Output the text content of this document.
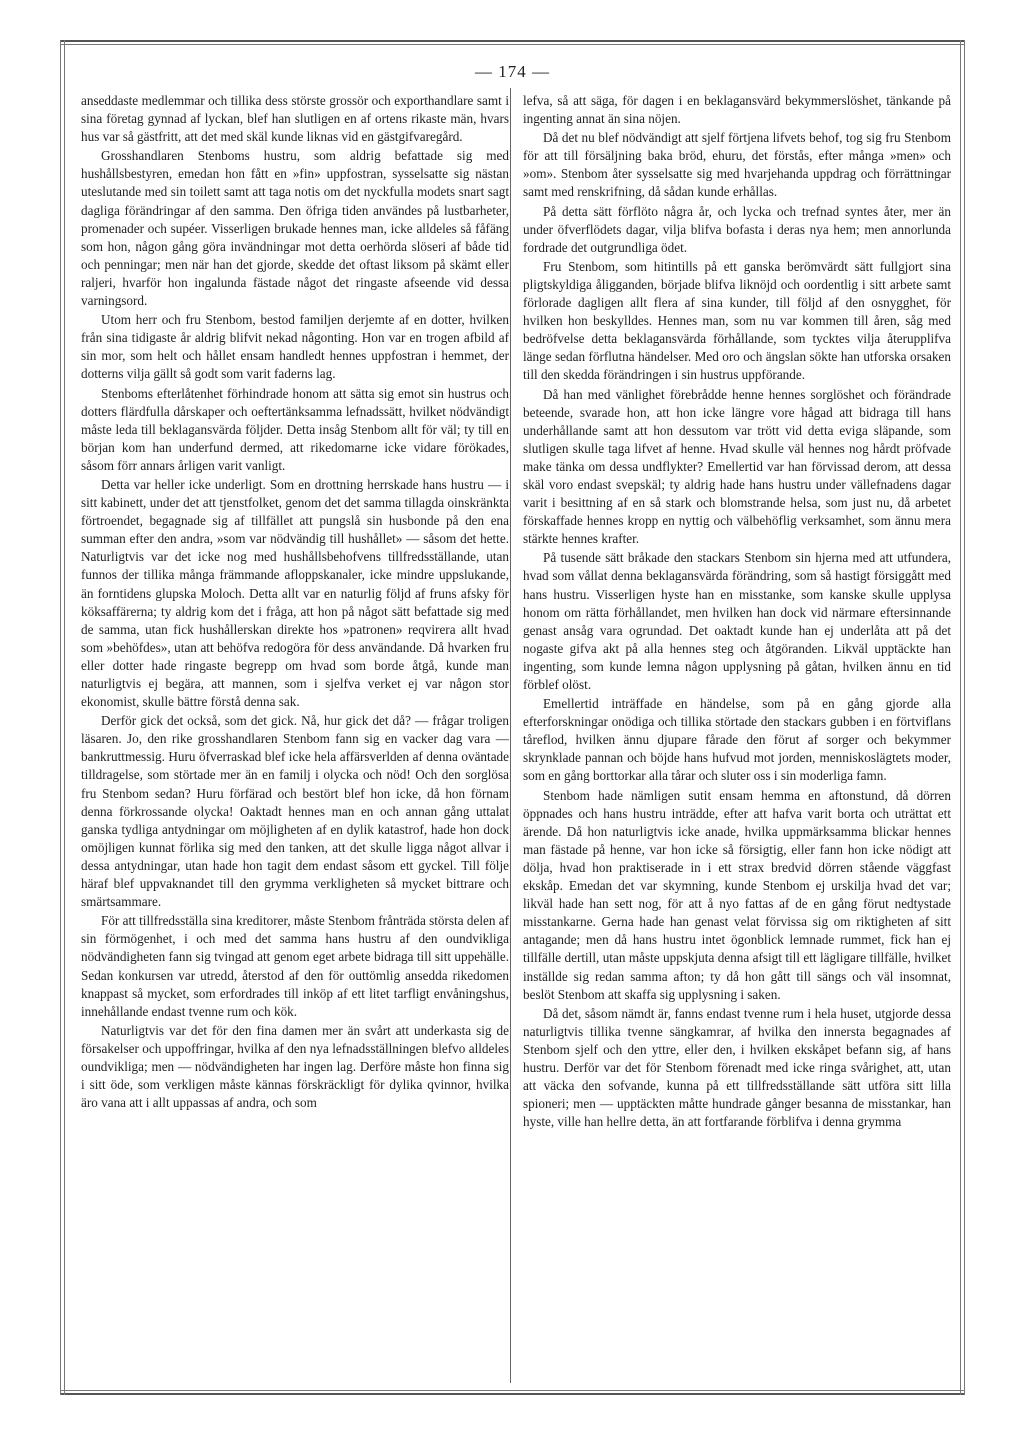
— 174 —

anseddaste medlemmar och tillika dess störste grossör och exporthandlare samt i sina företag gynnad af lyckan, blef han slutligen en af ortens rikaste män, hvars hus var så gästfritt, att det med skäl kunde liknas vid en gästgifvaregård.

Grosshandlaren Stenboms hustru, som aldrig befattade sig med hushållsbestyren, emedan hon fått en »fin» uppfostran, sysselsatte sig nästan uteslutande med sin toilett samt att taga notis om det nyckfulla modets snart sagt dagliga förändringar af den samma. Den öfriga tiden användes på lustbarheter, promenader och supéer. Visserligen brukade hennes man, icke alldeles så fåfäng som hon, någon gång göra invändningar mot detta oerhörda slöseri af både tid och penningar; men när han det gjorde, skedde det oftast liksom på skämt eller raljeri, hvarför hon ingalunda fästade något det ringaste afseende vid dessa varningsord.

Utom herr och fru Stenbom, bestod familjen derjemte af en dotter, hvilken från sina tidigaste år aldrig blifvit nekad någonting. Hon var en trogen afbild af sin mor, som helt och hållet ensam handledt hennes uppfostran i hemmet, der dotterns vilja gällt så godt som varit faderns lag.

Stenboms efterlåtenhet förhindrade honom att sätta sig emot sin hustrus och dotters flärdfulla dårskaper och oeftertänksamma lefnadssätt, hvilket nödvändigt måste leda till beklagansvärda följder. Detta insåg Stenbom allt för väl; ty till en början kom han underfund dermed, att rikedomarne icke vidare förökades, såsom förr annars årligen varit vanligt.

Detta var heller icke underligt. Som en drottning herrskade hans hustru — i sitt kabinett, under det att tjenstfolket, genom det det samma tillagda oinskränkta förtroendet, begagnade sig af tillfället att pungslå sin husbonde på den ena summan efter den andra, »som var nödvändig till hushållet» — såsom det hette. Naturligtvis var det icke nog med hushållsbehofvens tillfredsställande, utan funnos der tillika många främmande afloppskanaler, icke mindre uppslukande, än forntidens glupska Moloch. Detta allt var en naturlig följd af fruns afsky för köksaffärerna; ty aldrig kom det i fråga, att hon på något sätt befattade sig med de samma, utan fick hushållerskan direkte hos »patronen» reqvirera allt hvad som »behöfdes», utan att behöfva redogöra för dess användande. Då hvarken fru eller dotter hade ringaste begrepp om hvad som borde åtgå, kunde man naturligtvis ej begära, att mannen, som i sjelfva verket ej var någon stor ekonomist, skulle bättre förstå denna sak.

Derför gick det också, som det gick. Nå, hur gick det då? — frågar troligen läsaren. Jo, den rike grosshandlaren Stenbom fann sig en vacker dag vara — bankruttmessig. Huru öfverraskad blef icke hela affärsverlden af denna oväntade tilldragelse, som störtade mer än en familj i olycka och nöd! Och den sorglösa fru Stenbom sedan? Huru förfärad och bestört blef hon icke, då hon förnam denna förkrossande olycka! Oaktadt hennes man en och annan gång uttalat ganska tydliga antydningar om möjligheten af en dylik katastrof, hade hon dock omöjligen kunnat förlika sig med den tanken, att det skulle ligga något allvar i dessa antydningar, utan hade hon tagit dem endast såsom ett gyckel. Till följe häraf blef uppvaknandet till den grymma verkligheten så mycket bittrare och smärtsammare.

För att tillfredsställa sina kreditorer, måste Stenbom frånträda största delen af sin förmögenhet, i och med det samma hans hustru af den oundvikliga nödvändigheten fann sig tvingad att genom eget arbete bidraga till sitt uppehälle. Sedan konkursen var utredd, återstod af den för outtömlig ansedda rikedomen knappast så mycket, som erfordrades till inköp af ett litet tarfligt envåningshus, innehållande endast tvenne rum och kök.

Naturligtvis var det för den fina damen mer än svårt att underkasta sig de försakelser och uppoffringar, hvilka af den nya lefnadsställningen blefvo alldeles oundvikliga; men — nödvändigheten har ingen lag. Derföre måste hon finna sig i sitt öde, som verkligen måste kännas förskräckligt för dylika qvinnor, hvilka äro vana att i allt uppassas af andra, och som

lefva, så att säga, för dagen i en beklagansvärd bekymmerslöshet, tänkande på ingenting annat än sina nöjen.

Då det nu blef nödvändigt att sjelf förtjena lifvets behof, tog sig fru Stenbom för att till försäljning baka bröd, ehuru, det förstås, efter många »men» och »om». Stenbom åter sysselsatte sig med hvarjehanda uppdrag och förrättningar samt med renskrifning, då sådan kunde erhållas.

På detta sätt förflöto några år, och lycka och trefnad syntes åter, mer än under öfverflödets dagar, vilja blifva bofasta i deras nya hem; men annorlunda fordrade det outgrundliga ödet.

Fru Stenbom, som hitintills på ett ganska berömvärdt sätt fullgjort sina pligtskyldiga åligganden, började blifva liknöjd och oordentlig i sitt arbete samt förlorade dagligen allt flera af sina kunder, till följd af den osnygghet, för hvilken hon beskylldes. Hennes man, som nu var kommen till åren, såg med bedröfvelse detta beklagansvärda förhållande, som tycktes vilja återupplifva länge sedan förflutna händelser. Med oro och ängslan sökte han utforska orsaken till den skedda förändringen i sin hustrus uppförande.

Då han med vänlighet förebrådde henne hennes sorglöshet och förändrade beteende, svarade hon, att hon icke längre vore hågad att bidraga till hans underhållande samt att hon dessutom var trött vid detta eviga släpande, som slutligen skulle taga lifvet af henne. Hvad skulle väl hennes nog hårdt pröfvade make tänka om dessa undflykter? Emellertid var han förvissad derom, att dessa skäl voro endast svepskäl; ty aldrig hade hans hustru under vällefnadens dagar varit i besittning af en så stark och blomstrande helsa, som just nu, då arbetet förskaffade hennes kropp en nyttig och välbehöflig verksamhet, som ännu mera stärkte hennes krafter.

På tusende sätt bråkade den stackars Stenbom sin hjerna med att utfundera, hvad som vållat denna beklagansvärda förändring, som så hastigt försiggått med hans hustru. Visserligen hyste han en misstanke, som kanske skulle upplysa honom om rätta förhållandet, men hvilken han dock vid närmare eftersinnande genast ansåg vara ogrundad. Det oaktadt kunde han ej underlåta att på det nogaste gifva akt på alla hennes steg och åtgöranden. Likväl upptäckte han ingenting, som kunde lemna någon upplysning på gåtan, hvilken ännu en tid förblef olöst.

Emellertid inträffade en händelse, som på en gång gjorde alla efterforskningar onödiga och tillika störtade den stackars gubben i en förtviflans tåreflod, hvilken ännu djupare fårade den förut af sorger och bekymmer skrynklade pannan och böjde hans hufvud mot jorden, menniskoslägtets moder, som en gång borttorkar alla tårar och sluter oss i sin moderliga famn.

Stenbom hade nämligen sutit ensam hemma en aftonstund, då dörren öppnades och hans hustru inträdde, efter att hafva varit borta och uträttat ett ärende. Då hon naturligtvis icke anade, hvilka uppmärksamma blickar hennes man fästade på henne, var hon icke så försigtig, eller fann hon icke nödigt att dölja, hvad hon praktiserade in i ett strax bredvid dörren stående väggfast ekskåp. Emedan det var skymning, kunde Stenbom ej urskilja hvad det var; likväl hade han sett nog, för att å nyo fattas af de en gång förut nedtystade misstankarne. Gerna hade han genast velat förvissa sig om riktigheten af sitt antagande; men då hans hustru intet ögonblick lemnade rummet, fick han ej tillfälle dertill, utan måste uppskjuta denna afsigt till ett lägligare tillfälle, hvilket inställde sig redan samma afton; ty då hon gått till sängs och väl insomnat, beslöt Stenbom att skaffa sig upplysning i saken.

Då det, såsom nämdt är, fanns endast tvenne rum i hela huset, utgjorde dessa naturligtvis tillika tvenne sängkamrar, af hvilka den innersta begagnades af Stenbom sjelf och den yttre, eller den, i hvilken ekskåpet befann sig, af hans hustru. Derför var det för Stenbom förenadt med icke ringa svårighet, att, utan att väcka den sofvande, kunna på ett tillfredsställande sätt utföra sitt lilla spioneri; men — upptäckten måtte hundrade gånger besanna de misstankar, han hyste, ville han hellre detta, än att fortfarande förblifva i denna grymma
